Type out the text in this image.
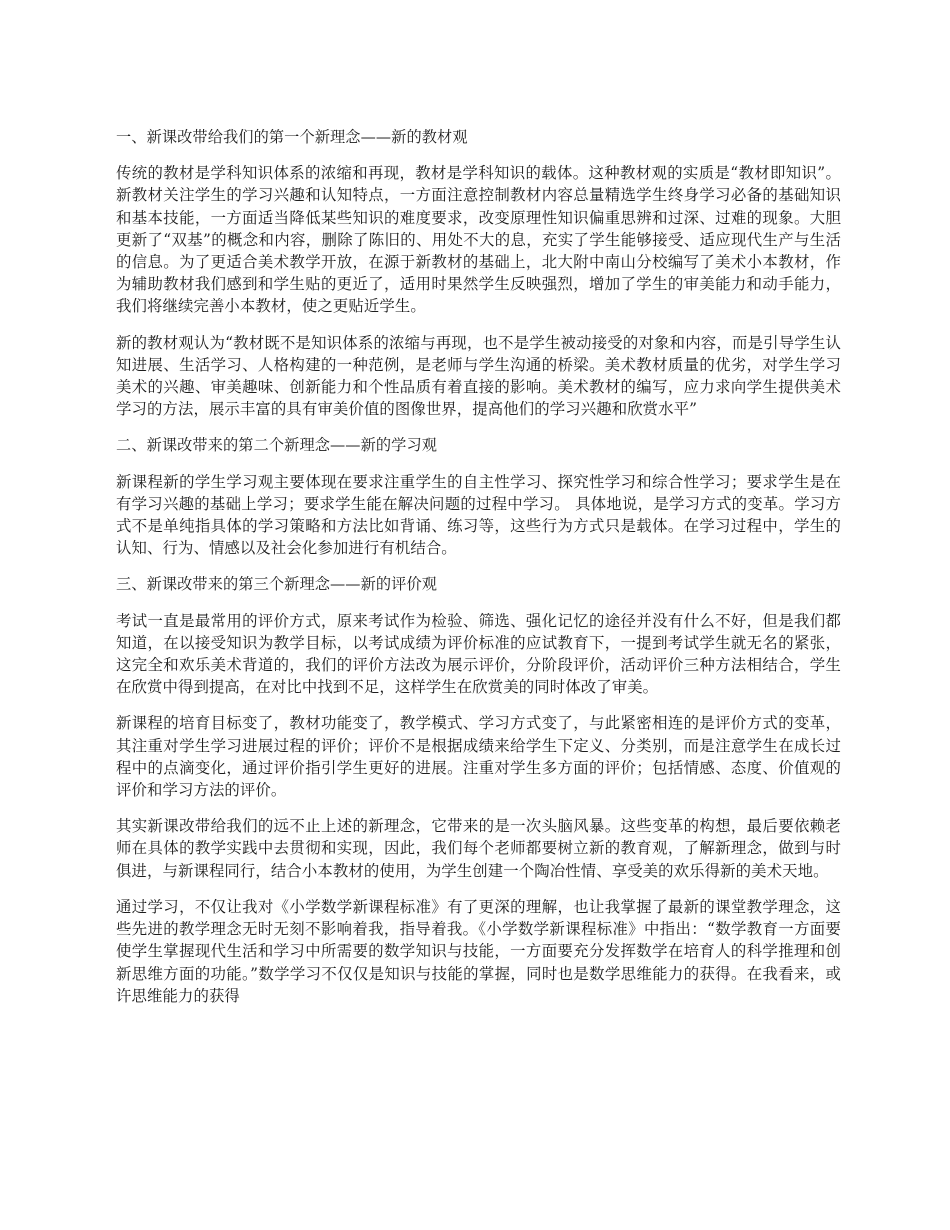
一、新课改带给我们的第一个新理念——新的教材观

传统的教材是学科知识体系的浓缩和再现，教材是学科知识的载体。这种教材观的实质是“教材即知识”。新教材关注学生的学习兴趣和认知特点，一方面注意控制教材内容总量精选学生终身学习必备的基础知识和基本技能，一方面适当降低某些知识的难度要求，改变原理性知识偏重思辨和过深、过难的现象。大胆更新了“双基”的概念和内容，删除了陈旧的、用处不大的息，充实了学生能够接受、适应现代生产与生活的信息。为了更适合美术教学开放，在源于新教材的基础上，北大附中南山分校编写了美术小本教材，作为辅助教材我们感到和学生贴的更近了，适用时果然学生反映强烈，增加了学生的审美能力和动手能力，我们将继续完善小本教材，使之更贴近学生。

新的教材观认为“教材既不是知识体系的浓缩与再现，也不是学生被动接受的对象和内容，而是引导学生认知进展、生活学习、人格构建的一种范例，是老师与学生沟通的桥梁。美术教材质量的优劣，对学生学习美术的兴趣、审美趣味、创新能力和个性品质有着直接的影响。美术教材的编写，应力求向学生提供美术学习的方法，展示丰富的具有审美价值的图像世界，提高他们的学习兴趣和欣赏水平”

二、新课改带来的第二个新理念——新的学习观

新课程新的学生学习观主要体现在要求注重学生的自主性学习、探究性学习和综合性学习；要求学生是在有学习兴趣的基础上学习；要求学生能在解决问题的过程中学习。 具体地说，是学习方式的变革。学习方式不是单纯指具体的学习策略和方法比如背诵、练习等，这些行为方式只是载体。在学习过程中，学生的认知、行为、情感以及社会化参加进行有机结合。

三、新课改带来的第三个新理念——新的评价观

考试一直是最常用的评价方式，原来考试作为检验、筛选、强化记忆的途径并没有什么不好，但是我们都知道，在以接受知识为教学目标，以考试成绩为评价标准的应试教育下，一提到考试学生就无名的紧张，这完全和欢乐美术背道的，我们的评价方法改为展示评价，分阶段评价，活动评价三种方法相结合，学生在欣赏中得到提高，在对比中找到不足，这样学生在欣赏美的同时体改了审美。

新课程的培育目标变了，教材功能变了，教学模式、学习方式变了，与此紧密相连的是评价方式的变革，其注重对学生学习进展过程的评价；评价不是根据成绩来给学生下定义、分类别，而是注意学生在成长过程中的点滴变化，通过评价指引学生更好的进展。注重对学生多方面的评价；包括情感、态度、价值观的评价和学习方法的评价。

其实新课改带给我们的远不止上述的新理念，它带来的是一次头脑风暴。这些变革的构想，最后要依赖老师在具体的教学实践中去贯彻和实现，因此，我们每个老师都要树立新的教育观，了解新理念，做到与时俱进，与新课程同行，结合小本教材的使用，为学生创建一个陶冶性情、享受美的欢乐得新的美术天地。

通过学习，不仅让我对《小学数学新课程标准》有了更深的理解，也让我掌握了最新的课堂教学理念，这些先进的教学理念无时无刻不影响着我，指导着我。《小学数学新课程标准》中指出：“数学教育一方面要使学生掌握现代生活和学习中所需要的数学知识与技能，一方面要充分发挥数学在培育人的科学推理和创新思维方面的功能。”数学学习不仅仅是知识与技能的掌握，同时也是数学思维能力的获得。在我看来，或许思维能力的获得
